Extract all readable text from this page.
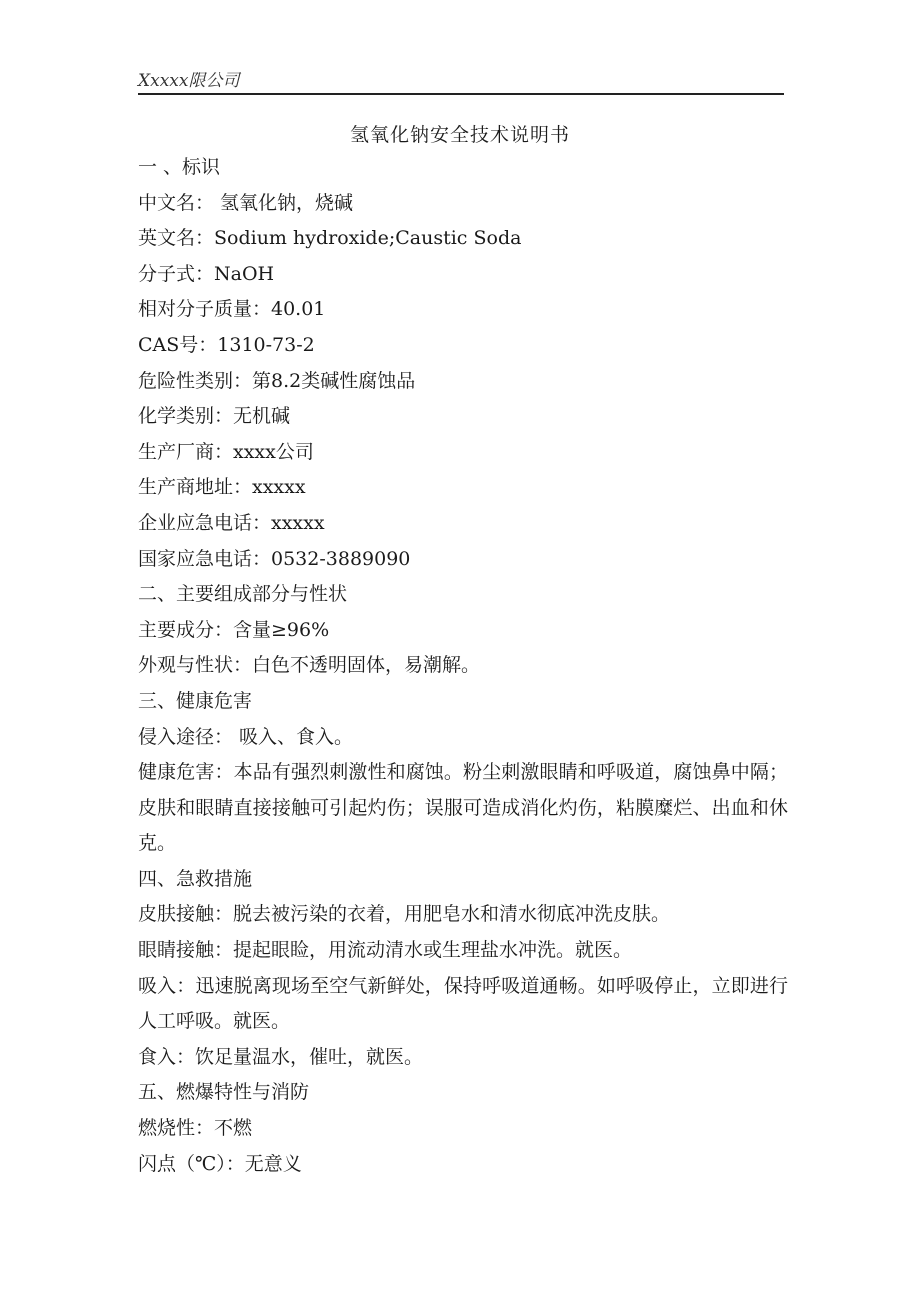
Xxxxx限公司
氢氧化钠安全技术说明书
一 、标识
中文名： 氢氧化钠，烧碱
英文名：Sodium hydroxide;Caustic Soda
分子式：NaOH
相对分子质量：40.01
CAS号：1310-73-2
危险性类别：第8.2类碱性腐蚀品
化学类别：无机碱
生产厂商：xxxx公司
生产商地址：xxxxx
企业应急电话：xxxxx
国家应急电话：0532-3889090
二、主要组成部分与性状
主要成分：含量≥96%
外观与性状：白色不透明固体，易潮解。
三、健康危害
侵入途径： 吸入、食入。
健康危害：本品有强烈刺激性和腐蚀。粉尘刺激眼睛和呼吸道，腐蚀鼻中隔；皮肤和眼睛直接接触可引起灼伤；误服可造成消化灼伤，粘膜糜烂、出血和休克。
四、急救措施
皮肤接触：脱去被污染的衣着，用肥皂水和清水彻底冲洗皮肤。
眼睛接触：提起眼睑，用流动清水或生理盐水冲洗。就医。
吸入：迅速脱离现场至空气新鲜处，保持呼吸道通畅。如呼吸停止，立即进行人工呼吸。就医。
食入：饮足量温水，催吐，就医。
五、燃爆特性与消防
燃烧性：不燃
闪点（℃）：无意义
